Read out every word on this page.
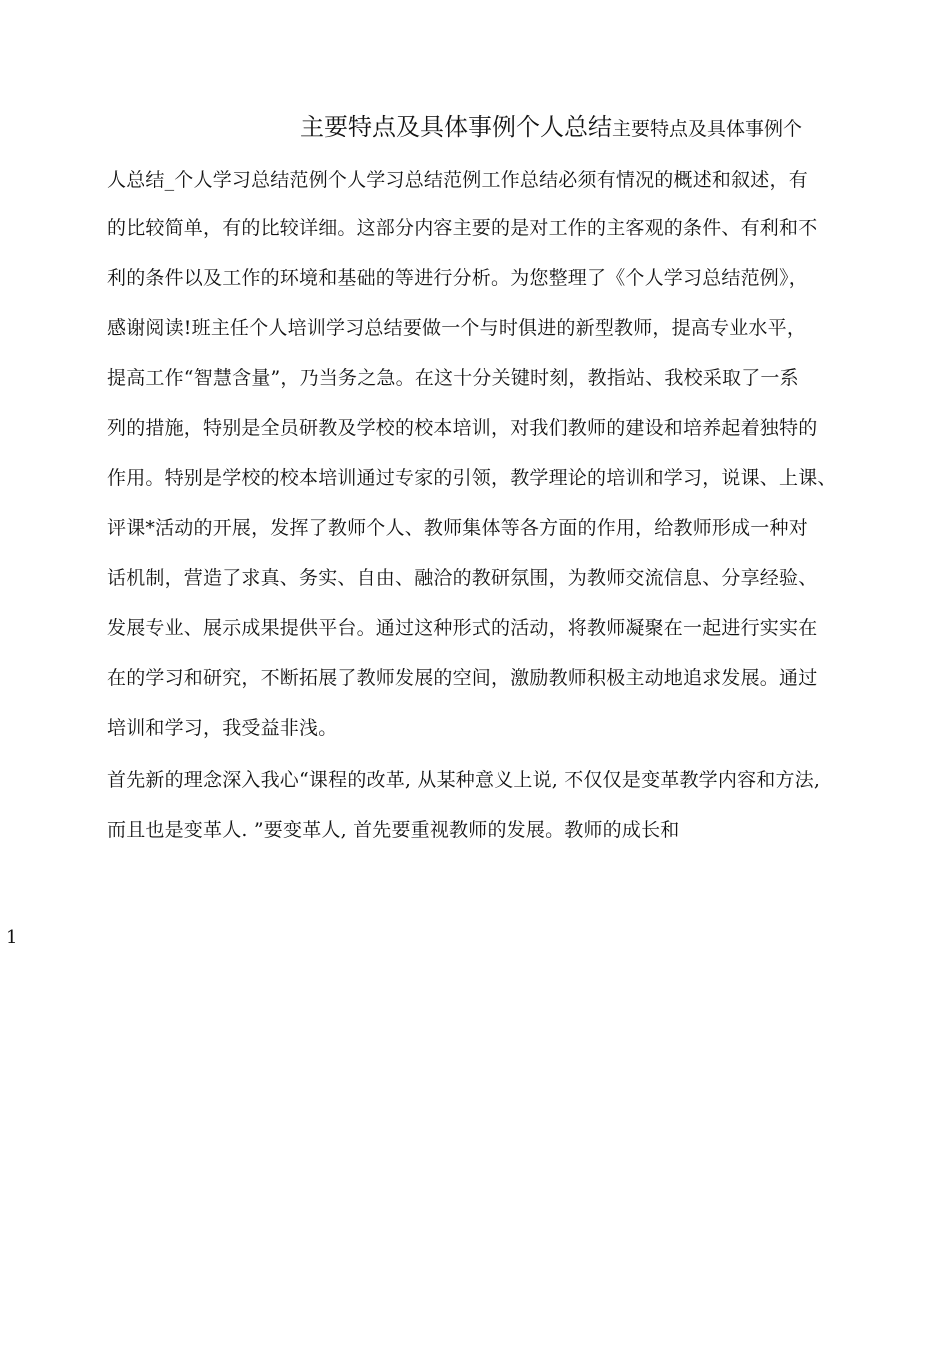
主要特点及具体事例个人总结主要特点及具体事例个
人总结_个人学习总结范例个人学习总结范例工作总结必须有情况的概述和叙述，有
的比较简单，有的比较详细。这部分内容主要的是对工作的主客观的条件、有利和不
利的条件以及工作的环境和基础的等进行分析。为您整理了《个人学习总结范例》，
感谢阅读!班主任个人培训学习总结要做一个与时俱进的新型教师，提高专业水平，
提高工作“智慧含量”，乃当务之急。在这十分关键时刻，教指站、我校采取了一系
列的措施，特别是全员研教及学校的校本培训，对我们教师的建设和培养起着独特的
作用。特别是学校的校本培训通过专家的引领，教学理论的培训和学习，说课、上课、
评课*活动的开展，发挥了教师个人、教师集体等各方面的作用，给教师形成一种对
话机制，营造了求真、务实、自由、融洽的教研氛围，为教师交流信息、分享经验、
发展专业、展示成果提供平台。通过这种形式的活动，将教师凝聚在一起进行实实在
在的学习和研究，不断拓展了教师发展的空间，激励教师积极主动地追求发展。通过
培训和学习，我受益非浅。
首先新的理念深入我心“课程的改革, 从某种意义上说, 不仅仅是变革教学内容和方法,
而且也是变革人. ”要变革人, 首先要重视教师的发展。教师的成长和
1
